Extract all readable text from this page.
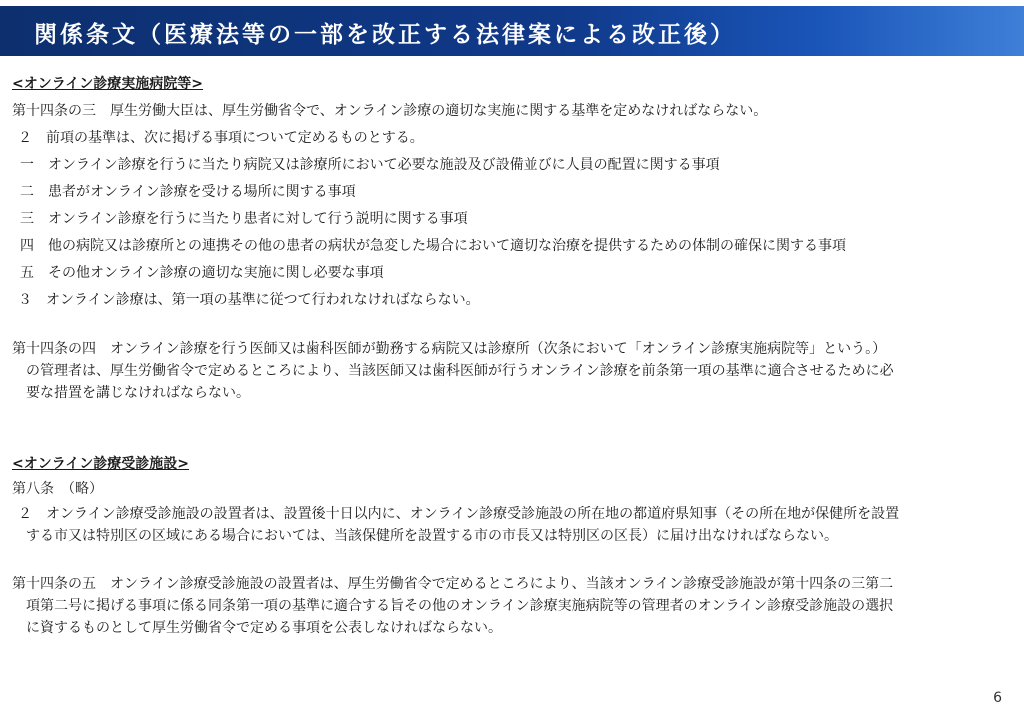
関係条文（医療法等の一部を改正する法律案による改正後）
<オンライン診療実施病院等>
第十四条の三　厚生労働大臣は、厚生労働省令で、オンライン診療の適切な実施に関する基準を定めなければならない。
２　前項の基準は、次に掲げる事項について定めるものとする。
一　オンライン診療を行うに当たり病院又は診療所において必要な施設及び設備並びに人員の配置に関する事項
二　患者がオンライン診療を受ける場所に関する事項
三　オンライン診療を行うに当たり患者に対して行う説明に関する事項
四　他の病院又は診療所との連携その他の患者の病状が急変した場合において適切な治療を提供するための体制の確保に関する事項
五　その他オンライン診療の適切な実施に関し必要な事項
３　オンライン診療は、第一項の基準に従つて行われなければならない。
第十四条の四　オンライン診療を行う医師又は歯科医師が勤務する病院又は診療所（次条において「オンライン診療実施病院等」という。）
の管理者は、厚生労働省令で定めるところにより、当該医師又は歯科医師が行うオンライン診療を前条第一項の基準に適合させるために必
要な措置を講じなければならない。
<オンライン診療受診施設>
第八条　（略）
２　オンライン診療受診施設の設置者は、設置後十日以内に、オンライン診療受診施設の所在地の都道府県知事（その所在地が保健所を設置
する市又は特別区の区域にある場合においては、当該保健所を設置する市の市長又は特別区の区長）に届け出なければならない。
第十四条の五　オンライン診療受診施設の設置者は、厚生労働省令で定めるところにより、当該オンライン診療受診施設が第十四条の三第二
項第二号に掲げる事項に係る同条第一項の基準に適合する旨その他のオンライン診療実施病院等の管理者のオンライン診療受診施設の選択
に資するものとして厚生労働省令で定める事項を公表しなければならない。
6
